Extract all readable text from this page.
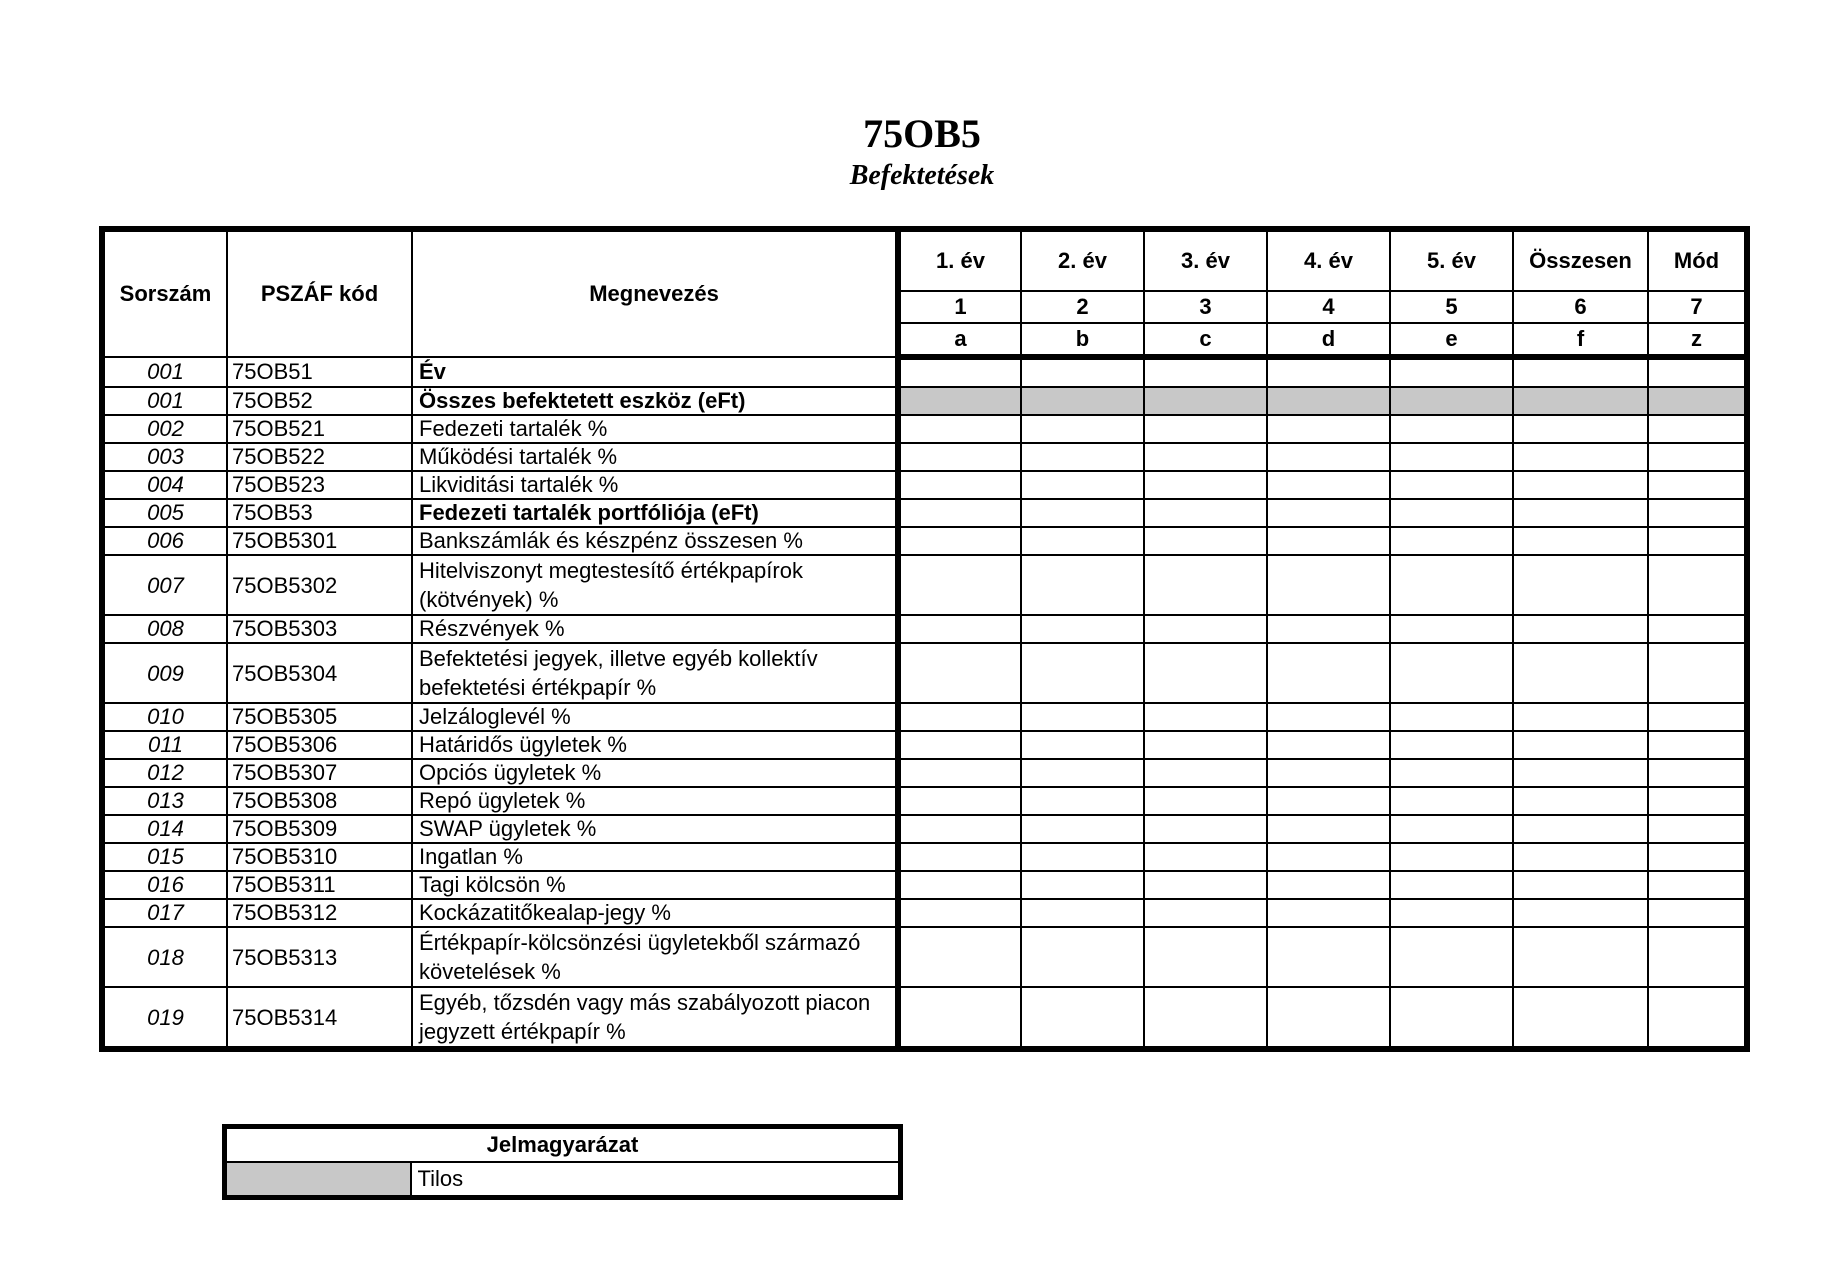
75OB5
Befektetések
Sorszám	PSZÁF kód	Megnevezés	1. év	2. év	3. év	4. év	5. év	Összesen	Mód
			1	2	3	4	5	6	7
			a	b	c	d	e	f	z
001	75OB51	Év							
001	75OB52	Összes befektetett eszköz (eFt)							
002	75OB521	Fedezeti tartalék %							
003	75OB522	Működési tartalék %							
004	75OB523	Likviditási tartalék %							
005	75OB53	Fedezeti tartalék portfóliója (eFt)							
006	75OB5301	Bankszámlák és készpénz összesen %							
007	75OB5302	Hitelviszonyt megtestesítő értékpapírok (kötvények) %							
008	75OB5303	Részvények %							
009	75OB5304	Befektetési jegyek, illetve egyéb kollektív befektetési értékpapír %							
010	75OB5305	Jelzáloglevél %							
011	75OB5306	Határidős ügyletek %							
012	75OB5307	Opciós ügyletek %							
013	75OB5308	Repó ügyletek %							
014	75OB5309	SWAP ügyletek %							
015	75OB5310	Ingatlan %							
016	75OB5311	Tagi kölcsön %							
017	75OB5312	Kockázatitőkealap-jegy %							
018	75OB5313	Értékpapír-kölcsönzési ügyletekből származó követelések %							
019	75OB5314	Egyéb, tőzsdén vagy más szabályozott piacon jegyzett értékpapír %							
Jelmagyarázat
	Tilos
